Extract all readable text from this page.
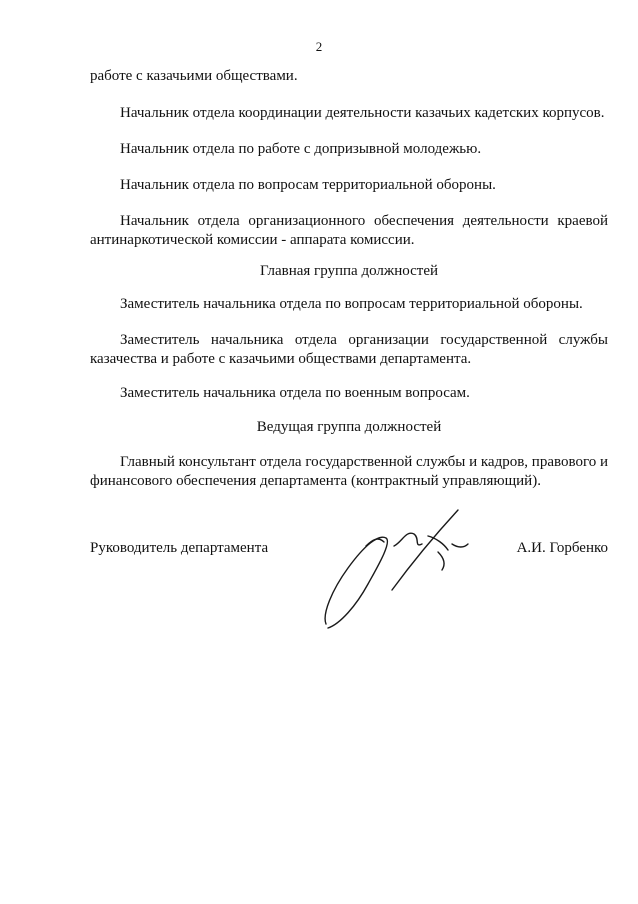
2

работе с казачьими обществами.

Начальник отдела координации деятельности казачьих кадетских корпусов.

Начальник отдела по работе с допризывной молодежью.

Начальник отдела по вопросам территориальной обороны.

Начальник отдела организационного обеспечения деятельности краевой антинаркотической комиссии - аппарата комиссии.

Главная группа должностей

Заместитель начальника отдела по вопросам территориальной обороны.

Заместитель начальника отдела организации государственной службы казачества и работе с казачьими обществами департамента.

Заместитель начальника отдела по военным вопросам.

Ведущая группа должностей

Главный консультант отдела государственной службы и кадров, правового и финансового обеспечения департамента (контрактный управляющий).

Руководитель департамента	А.И. Горбенко
